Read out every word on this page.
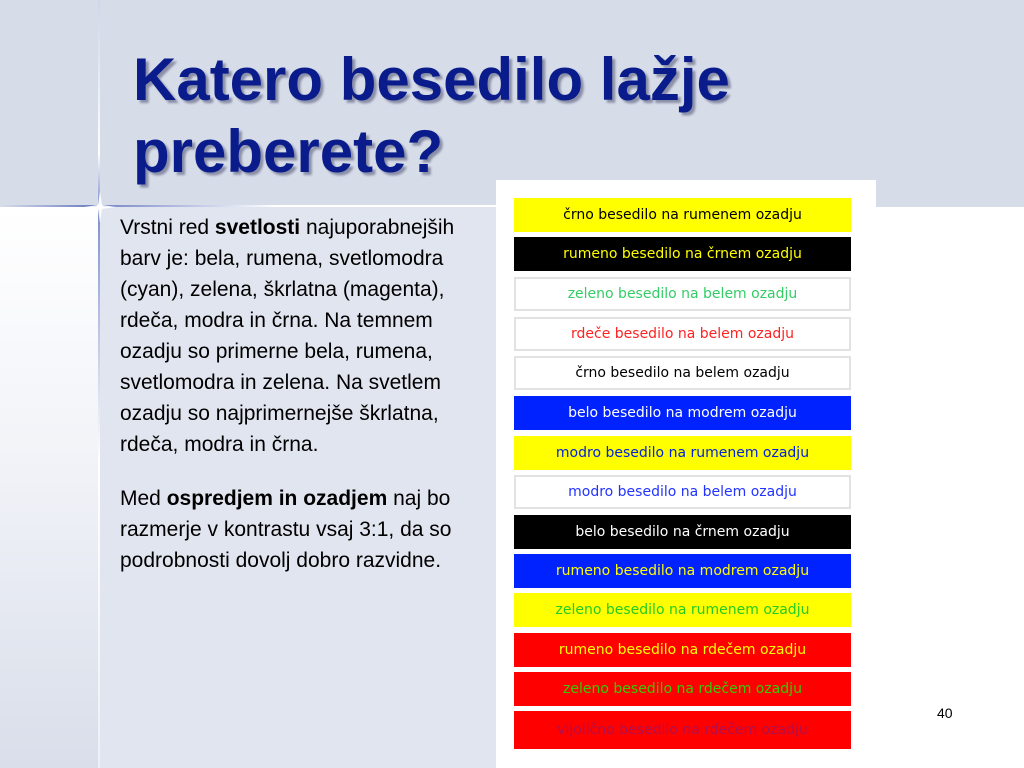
Katero besedilo lažje preberete?

Vrstni red svetlosti najuporabnejših barv je: bela, rumena, svetlomodra (cyan), zelena, škrlatna (magenta), rdeča, modra in črna. Na temnem ozadju so primerne bela, rumena, svetlomodra in zelena. Na svetlem ozadju so najprimernejše škrlatna, rdeča, modra in črna.

Med ospredjem in ozadjem naj bo razmerje v kontrastu vsaj 3:1, da so podrobnosti dovolj dobro razvidne.

črno besedilo na rumenem ozadju
rumeno besedilo na črnem ozadju
zeleno besedilo na belem ozadju
rdeče besedilo na belem ozadju
črno besedilo na belem ozadju
belo besedilo na modrem ozadju
modro besedilo na rumenem ozadju
modro besedilo na belem ozadju
belo besedilo na črnem ozadju
rumeno besedilo na modrem ozadju
zeleno besedilo na rumenem ozadju
rumeno besedilo na rdečem ozadju
zeleno besedilo na rdečem ozadju
vijolično besedilo na rdečem ozadju
40
